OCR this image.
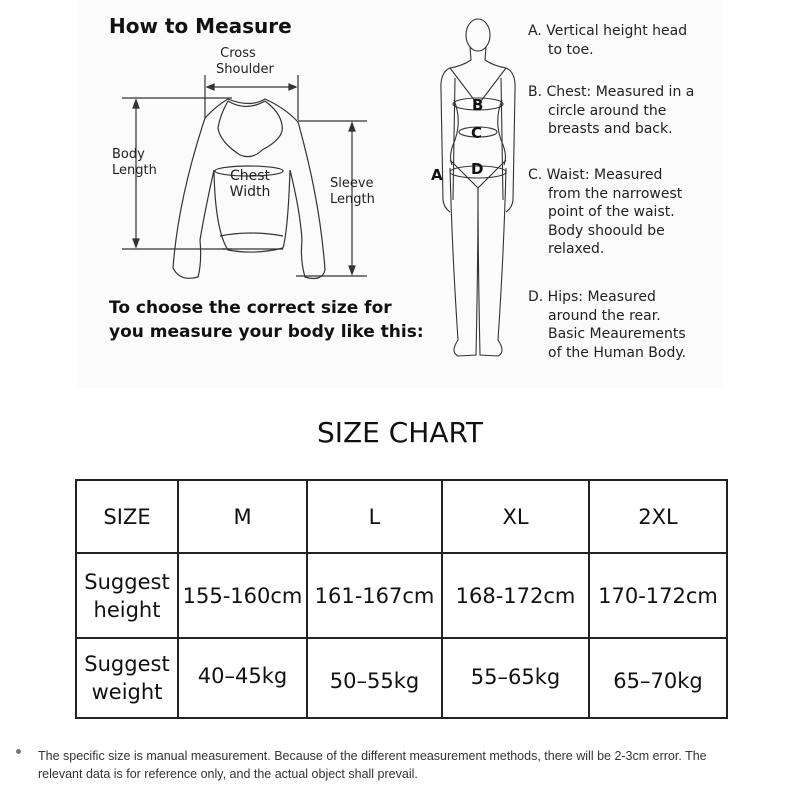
How to Measure
A
B
C
D
Cross
Shoulder
Body
Length	Chest
Width
Sleeve
Length
To choose the correct size for
you measure your body like this:
A. Vertical height head
to toe.
B. Chest: Measured in a
circle around the
breasts and back.
C. Waist: Measured
from the narrowest
point of the waist.
Body shoould be
relaxed.
D. Hips: Measured
around the rear.
Basic Meaurements
of the Human Body.
SIZE CHART
SIZE	M	L	XL	2XL

Suggest
height	155-160cm	161-167cm	168-172cm	170-172cm

Suggest
weight	40–45kg	50–55kg	55–65kg	65–70kg
The specific size is manual measurement. Because of the different measurement methods, there will be 2-3cm error. The
relevant data is for reference only, and the actual object shall prevail.
